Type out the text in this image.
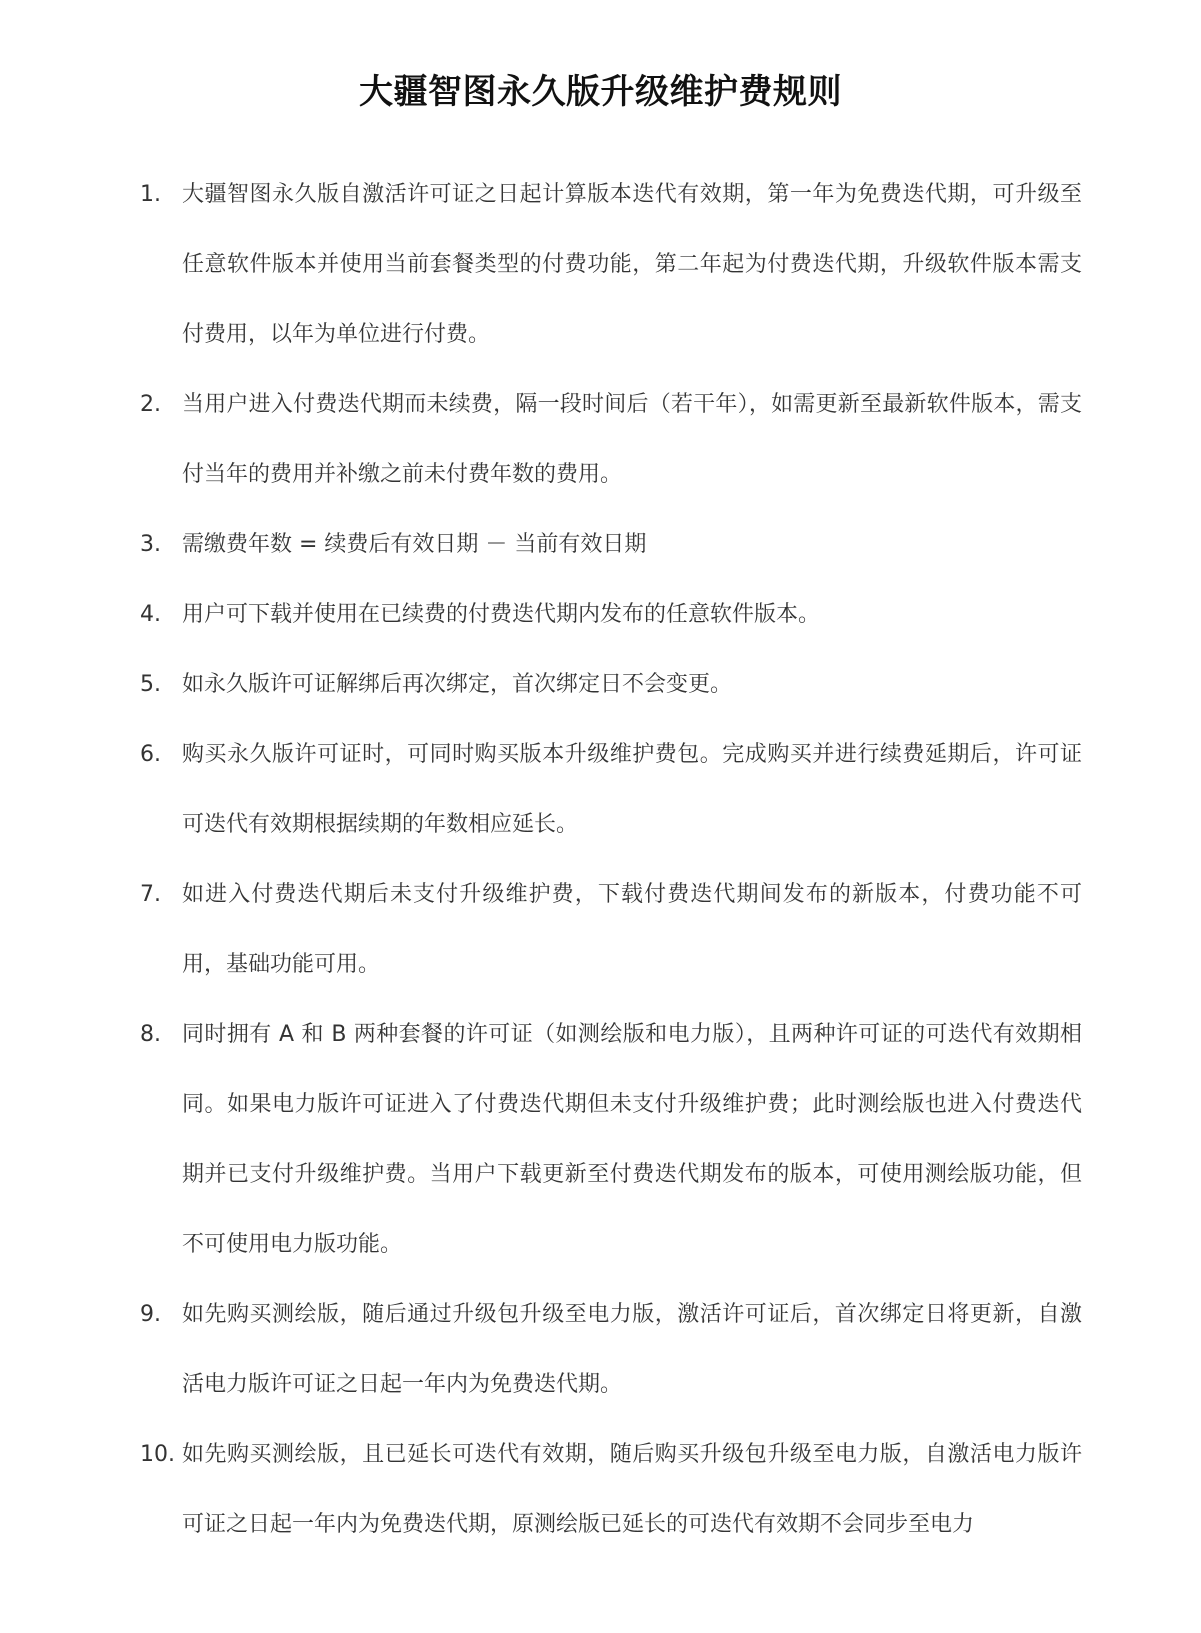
大疆智图永久版升级维护费规则
1. 大疆智图永久版自激活许可证之日起计算版本迭代有效期，第一年为免费迭代期，可升级至任意软件版本并使用当前套餐类型的付费功能，第二年起为付费迭代期，升级软件版本需支付费用，以年为单位进行付费。
2. 当用户进入付费迭代期而未续费，隔一段时间后（若干年），如需更新至最新软件版本，需支付当年的费用并补缴之前未付费年数的费用。
3. 需缴费年数 = 续费后有效日期 － 当前有效日期
4. 用户可下载并使用在已续费的付费迭代期内发布的任意软件版本。
5. 如永久版许可证解绑后再次绑定，首次绑定日不会变更。
6. 购买永久版许可证时，可同时购买版本升级维护费包。完成购买并进行续费延期后，许可证可迭代有效期根据续期的年数相应延长。
7. 如进入付费迭代期后未支付升级维护费，下载付费迭代期间发布的新版本，付费功能不可用，基础功能可用。
8. 同时拥有 A 和 B 两种套餐的许可证（如测绘版和电力版），且两种许可证的可迭代有效期相同。如果电力版许可证进入了付费迭代期但未支付升级维护费；此时测绘版也进入付费迭代期并已支付升级维护费。当用户下载更新至付费迭代期发布的版本，可使用测绘版功能，但不可使用电力版功能。
9. 如先购买测绘版，随后通过升级包升级至电力版，激活许可证后，首次绑定日将更新，自激活电力版许可证之日起一年内为免费迭代期。
10. 如先购买测绘版，且已延长可迭代有效期，随后购买升级包升级至电力版，自激活电力版许可证之日起一年内为免费迭代期，原测绘版已延长的可迭代有效期不会同步至电力
